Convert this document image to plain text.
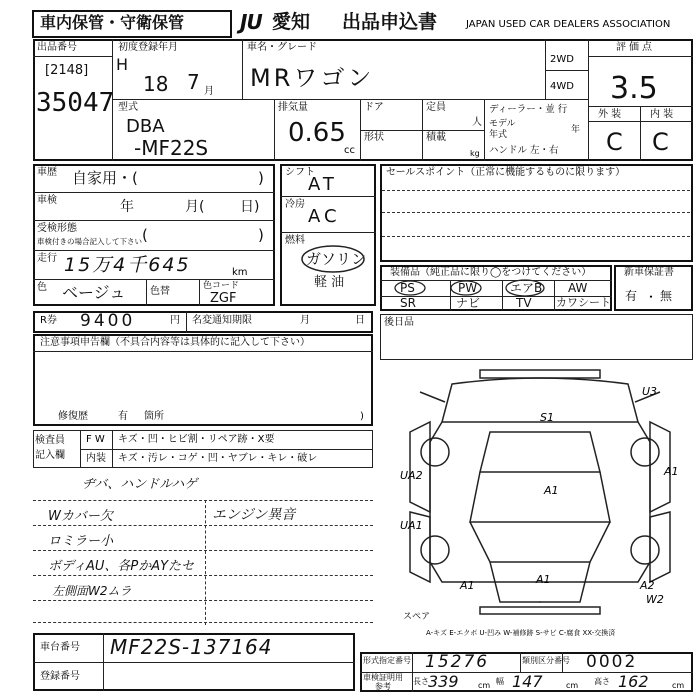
車内保管・守衛保管	JU 愛知 出品申込書	JAPAN USED CAR DEALERS ASSOCIATION
出品番号
[2148]
35047
初度登録年月
H
18 7 月
車名・グレード
MRワゴン
2WD
4WD
評価点
3.5
外 装	内 装
C C
型式
DBA
-MF22S
排気量
0.65
cc
ドア
形状
定員
人
積載
kg
ディーラー・並 行
モデル
年式	年
ハンドル 左・右
車歴 自家用・(	)
車検	年	月(	日)
受検形態
車検付きの場合記入して下さい (	)
走行 15万4千645	km
色 ベージュ 色替	色コード
ZGF
シフト
AT
冷房
AC
燃料
ガソリン
軽 油
セールスポイント（正常に機能するものに限ります）
装備品（純正品に限り◯をつけてください）
PS	PW	エアB AW
SR	ナビ	TV カワシート
新車保証書
有 ・ 無
R券 9400	円 名変通知期限	月	日 後日品
注意事項申告欄（不具合内容等は具体的に記入して下さい）
修復歴	有 箇所	)
検査員
記入欄
F W キズ・凹・ヒビ割・リペア跡・X要
内装 キズ・汚レ・コゲ・凹・ヤブレ・キレ・破レ
ヂバ、ハンドルハゲ
Wカバー欠	エンジン異音
ロミラー小
ボディAU、各PかAYたセ
左側面W2ムラ
U3
S1
UA2	A1
A1
UA1
A1	A2
W2
A1
スペア
A-キズ E-エクボ U-凹み W-補修跡 S-サビ C-腐食 XX-交換済
車台番号 MF22S-137164
登録番号
形式指定番号 15276	類別区分番号 0002
車検証明用
参考
長さ 339 cm 幅 147	cm 高さ 162	cm
